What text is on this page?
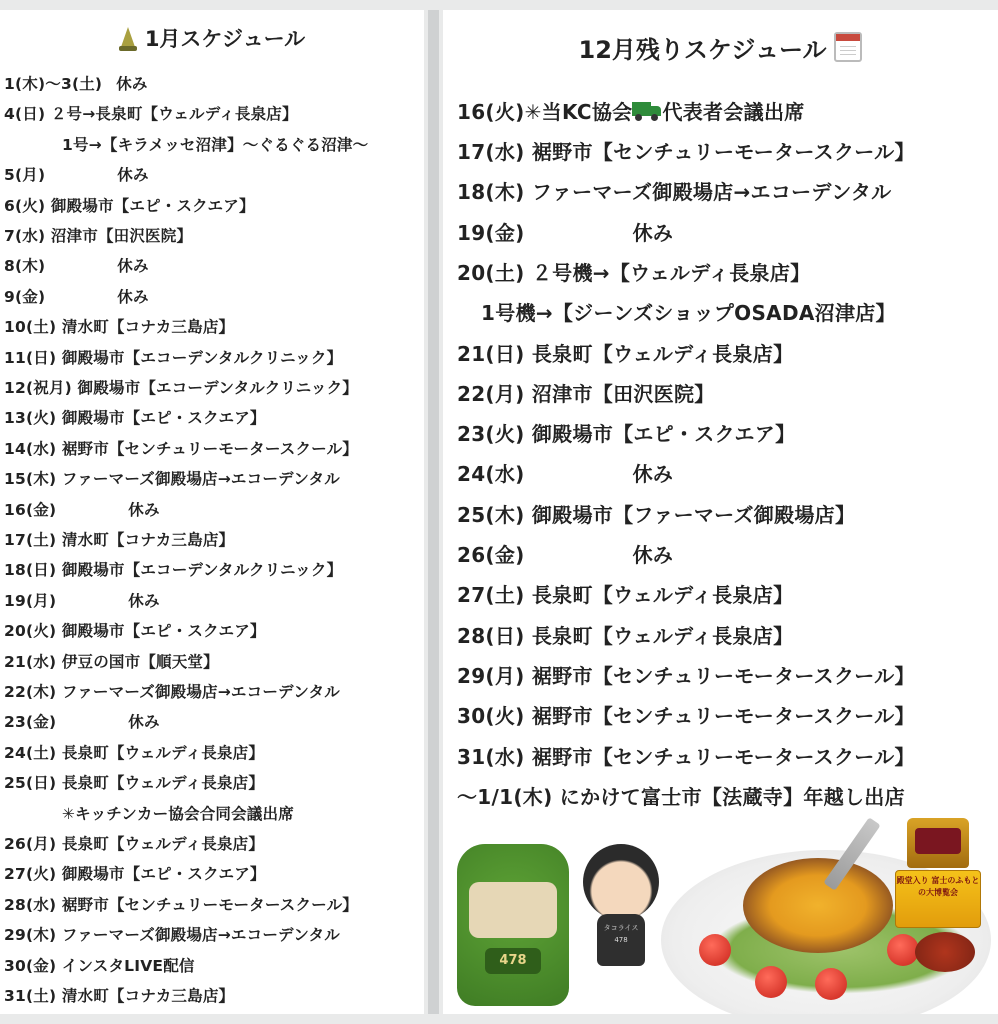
1月スケジュール
1(木)～3(土) 休み
4(日) ２号→長泉町【ウェルディ長泉店】
1号→【キラメッセ沼津】～ぐるぐる沼津～
5(月)	休み
6(火) 御殿場市【エピ・スクエア】
7(水) 沼津市【田沢医院】
8(木)	休み
9(金)	休み
10(土) 清水町【コナカ三島店】
11(日) 御殿場市【エコーデンタルクリニック】
12(祝月) 御殿場市【エコーデンタルクリニック】
13(火) 御殿場市【エピ・スクエア】
14(水) 裾野市【センチュリーモータースクール】
15(木) ファーマーズ御殿場店→エコーデンタル
16(金)	休み
17(土) 清水町【コナカ三島店】
18(日) 御殿場市【エコーデンタルクリニック】
19(月)	休み
20(火) 御殿場市【エピ・スクエア】
21(水) 伊豆の国市【順天堂】
22(木) ファーマーズ御殿場店→エコーデンタル
23(金)	休み
24(土) 長泉町【ウェルディ長泉店】
25(日) 長泉町【ウェルディ長泉店】
✳︎キッチンカー協会合同会議出席
26(月) 長泉町【ウェルディ長泉店】
27(火) 御殿場市【エピ・スクエア】
28(水) 裾野市【センチュリーモータースクール】
29(木) ファーマーズ御殿場店→エコーデンタル
30(金) インスタLIVE配信
31(土) 清水町【コナカ三島店】
12月残りスケジュール
16(火)✳︎当KC協会 代表者会議出席
17(水) 裾野市【センチュリーモータースクール】
18(木) ファーマーズ御殿場店→エコーデンタル
19(金)	休み
20(土) ２号機→【ウェルディ長泉店】
1号機→【ジーンズショップOSADA沼津店】
21(日) 長泉町【ウェルディ長泉店】
22(月) 沼津市【田沢医院】
23(火) 御殿場市【エピ・スクエア】
24(水)	休み
25(木) 御殿場市【ファーマーズ御殿場店】
26(金)	休み
27(土) 長泉町【ウェルディ長泉店】
28(日) 長泉町【ウェルディ長泉店】
29(月) 裾野市【センチュリーモータースクール】
30(火) 裾野市【センチュリーモータースクール】
31(水) 裾野市【センチュリーモータースクール】
～1/1(木) にかけて富士市【法蔵寺】年越し出店
殿堂入り 富士のふもとの大博覧会
478
タコライス 478
